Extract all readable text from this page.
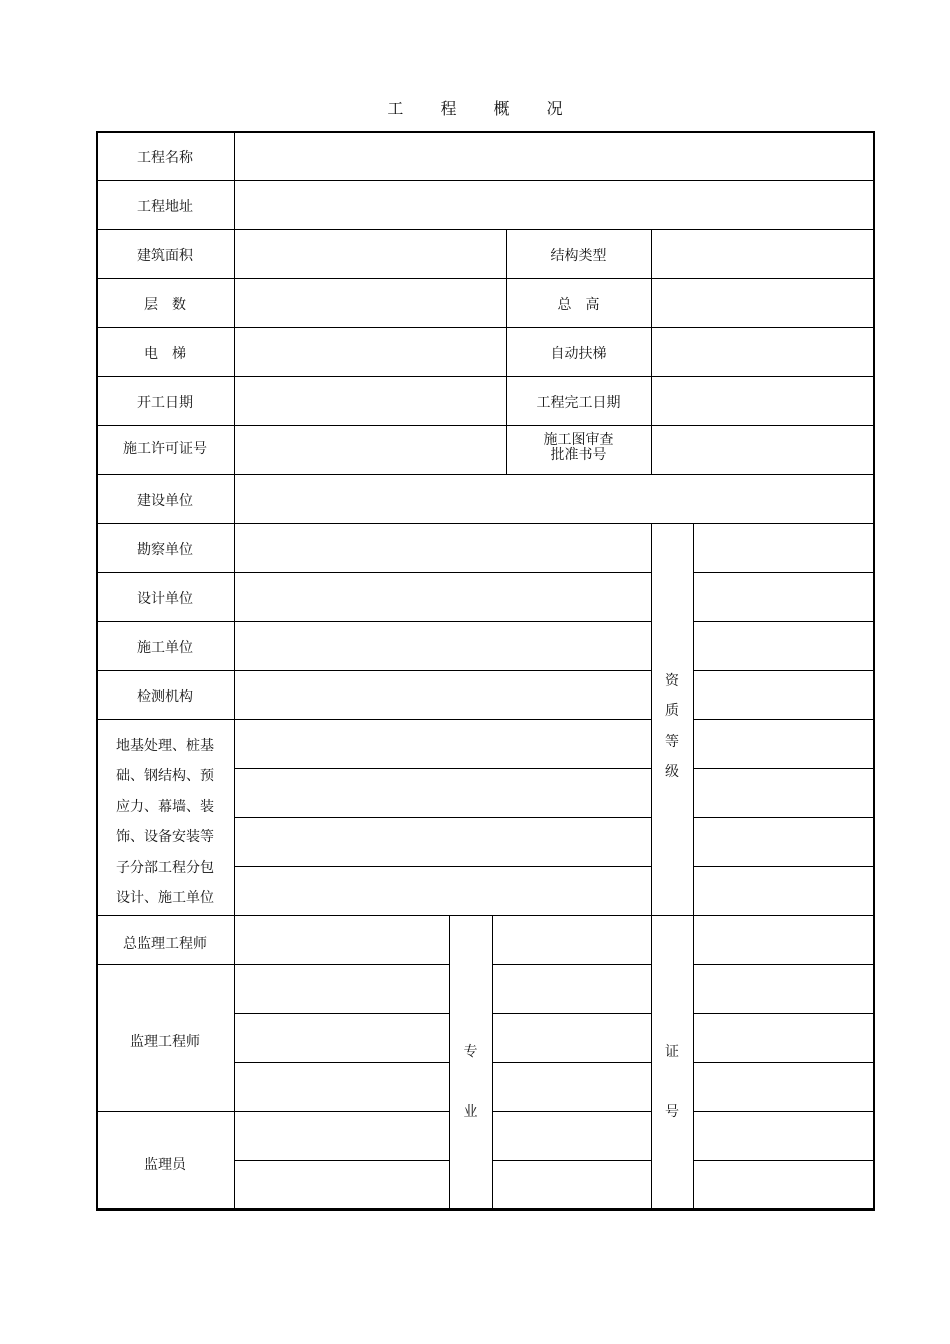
工 程 概 况
工程名称
工程地址
建筑面积
层　数
电　梯
开工日期
施工许可证号
建设单位
勘察单位
设计单位
施工单位
检测机构
地基处理、桩基
础、钢结构、预
应力、幕墙、装
饰、设备安装等
子分部工程分包
设计、施工单位
总监理工程师
监理工程师
监理员
结构类型
总　高
自动扶梯
工程完工日期
施工图审查
批准书号
资
质
等
级
专
业
证
号
